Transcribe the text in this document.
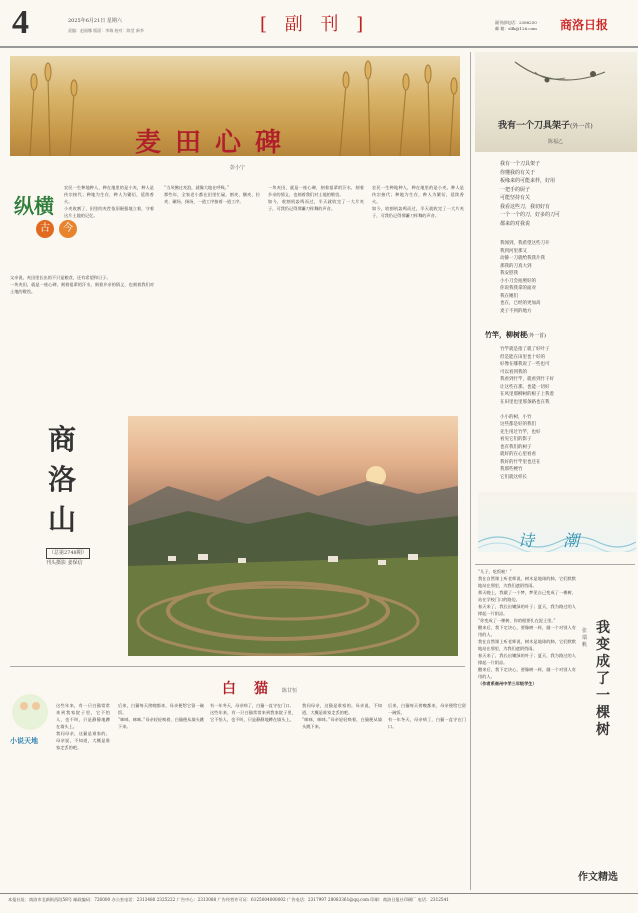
4	2025年6月21日 星期六
责编：赵丽娜 版面：李瑞 校对：陈莹 新李	[ 副 刊 ]	副刊部电话：2388250
邮 箱：slfk@126.com 商洛日报
麦田心碑
彭小宁
纵横
古 今

农民一生种地种人，种在地里的是小麦，种人是传宗接代；种地为生存，种人为繁衍，延续香火。

小麦收割了，田里的麦茬依旧倔强地立着，守着这片土地的记忆。

父亲说，麦田里长出的不只是粮食，还有希望和日子。

一块麦田，就是一座心碑，刻着祖辈的汗水，刻着乡亲的情义，也刻着我们对土地的敬畏。

“当风拂过麦浪，就像大地在呼吸。”

那些年，全家老小都在田里忙碌，割麦、捆麦、拉麦、碾场、扬场，一道工序接着一道工序。

一块麦田，就是一座心碑，刻着祖辈的汗水，刻着乡亲的情义，也刻着我们对土地的敬畏。

如今，收割机轰鸣而过，半天就收完了一大片麦子，可我仍记得那镰刀挥舞的声音。

农民一生种地种人，种在地里的是小麦，种人是传宗接代；种地为生存，种人为繁衍，延续香火。

如今，收割机轰鸣而过，半天就收完了一大片麦子，可我仍记得那镰刀挥舞的声音。

我有一个刀具架子(外一首)
陈福乙
我有一个刀具架子
你懂我的有关于
板缘来的可能来样，好用
一把手的厨子
可能坚持有关
我看这些刀，我切好有
一个一个的刀，好多的刀可
都来的对我说
我闻到，我希望这些刀开
我到河里那又
动静一刀就给我我片我
那我的刀真大到
我安慰我
小小刀会拍照好的
你说我我拿的面对
我在她们
也在，已经的更加高
麦子不到的地方
竹竿，柳树梗(外一首)
竹竿就是指了就了好叶子
但是能在田里也十好的
好像在哪我说了一些也可
可以看到我的
我看到竹竿，就看到竹干好
让这些在那，也能一切好
在风里那柳树的根子上我着
在田里也里那条路也在我

小小的树，小竹
这些都是好的我们
先生用过竹竿，也好
看见它们的影子
也有我们的树子
就好的在心里看看
我好的竹竿里也还在
我那些梗竹
它们就这样长
诗 潮
商洛山
（总第2748期）
刊头摄影 姜保信
白猫
陈甘恒
小说天地

这些年来，有一只白猫常常来到我家院子里，它不怕人，也不叫，只是静静地蹲在墙头上。

我问母亲，这猫是谁家的。母亲说，不知道，大概是谁家走丢的吧。

后来，白猫每天傍晚都来，母亲便给它留一碗饭。

“咪咪，咪咪。”母亲轻轻唤着，白猫便从墙头跳下来。

有一年冬天，母亲病了，白猫一直守在门口。

这些年来，有一只白猫常常来到我家院子里，它不怕人，也不叫，只是静静地蹲在墙头上。

我问母亲，这猫是谁家的。母亲说，不知道，大概是谁家走丢的吧。

“咪咪，咪咪。”母亲轻轻唤着，白猫便从墙头跳下来。

后来，白猫每天傍晚都来，母亲便给它留一碗饭。

有一年冬天，母亲病了，白猫一直守在门口。

“儿子，吃饭啦！”

我在自然课上听老师说，树木是地球的肺，它们默默地站在那里，为我们遮阴挡雨。

那天晚上，我做了一个梦，梦见自己变成了一棵树，站在学校门口的路边。

春天来了，我长出嫩绿的叶子；夏天，我为路过的人撑起一片阴凉。

“你变成了一棵树，你的根要扎在泥土里。”

醒来后，我下定决心，要像树一样，做一个对别人有用的人。

我在自然课上听老师说，树木是地球的肺，它们默默地站在那里，为我们遮阴挡雨。

春天来了，我长出嫩绿的叶子；夏天，我为路过的人撑起一片阴凉。

醒来后，我下定决心，要像树一样，做一个对别人有用的人。

（作者系商州中学三年级学生）

我变成了一棵树
张瑞帆
作文精选
本报社址：商洛市北新街西段58号 邮政编码：726000 办公室电话：2313480 2325222 广告中心：2313088 广告经营许可证：6125004000002 广告电话：2317997 28083361@qq.com 印刷：商洛日报社印刷厂 电话：2312541
